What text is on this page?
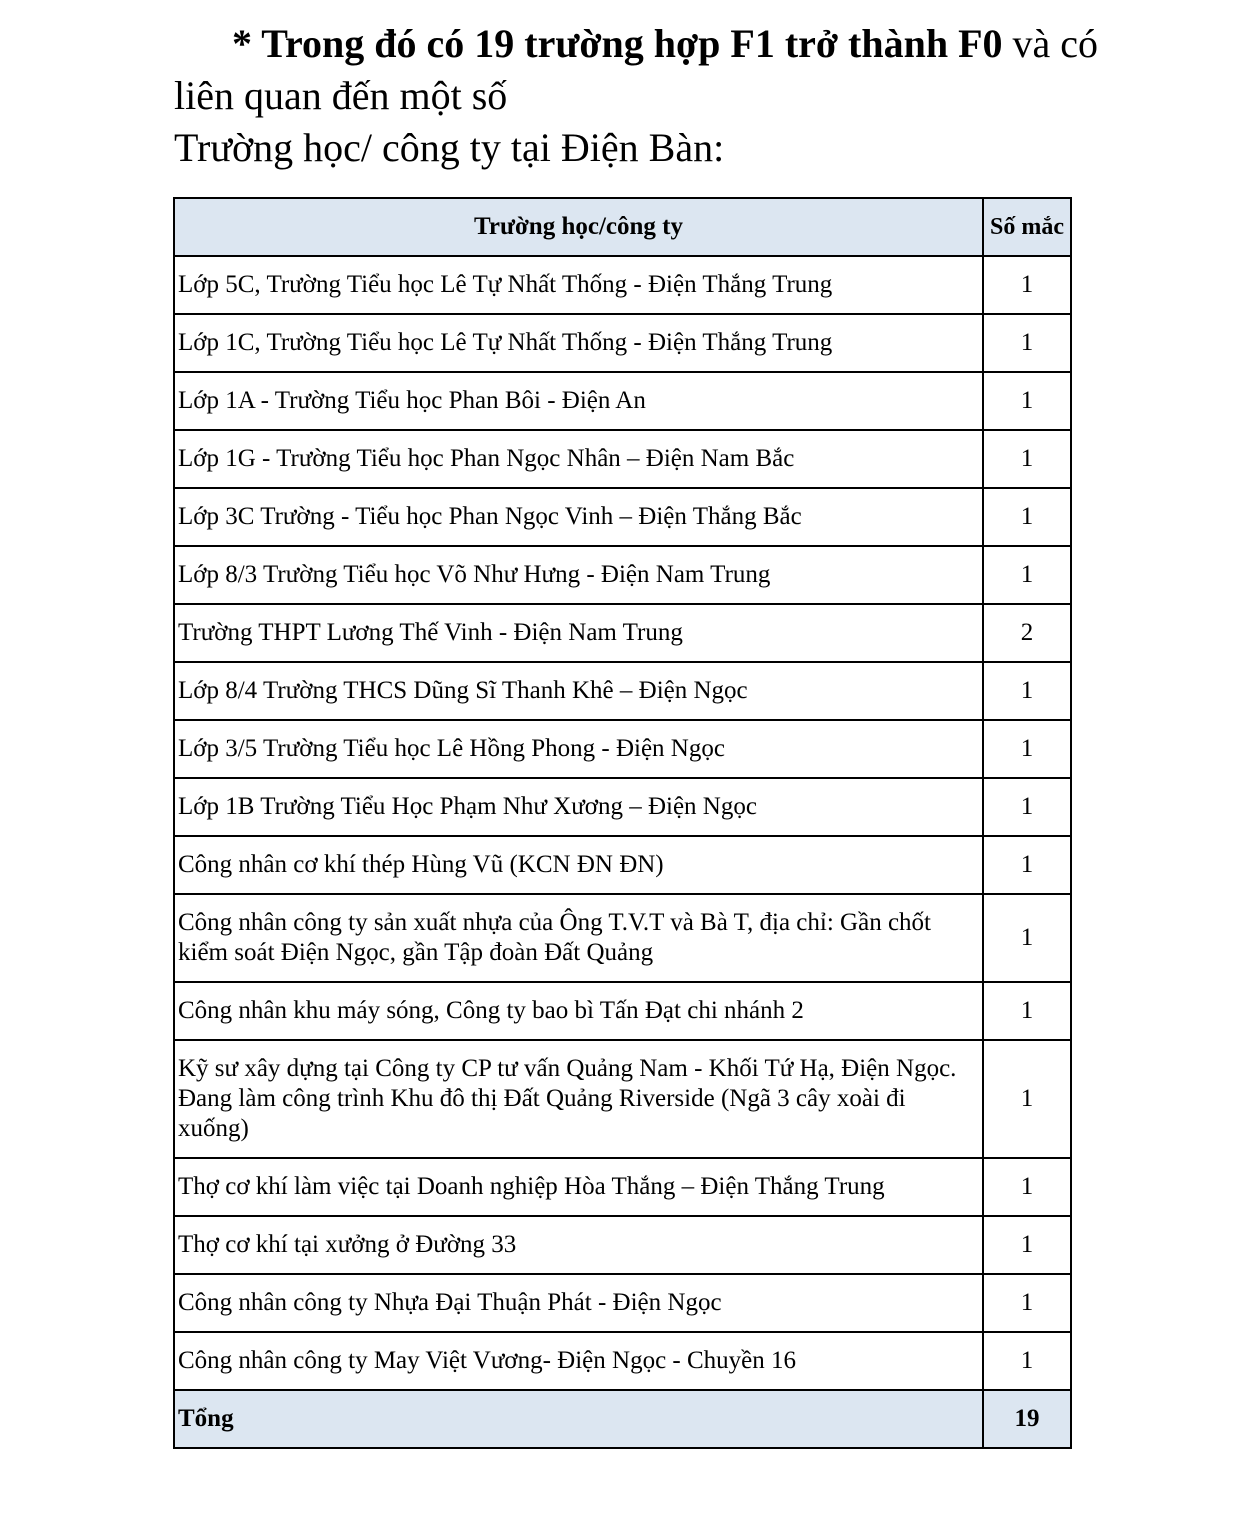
* Trong đó có 19 trường hợp F1 trở thành F0 và có
liên quan đến một số
Trường học/ công ty tại Điện Bàn:
Trường học/công ty	Số mắc
Lớp 5C, Trường Tiểu học Lê Tự Nhất Thống - Điện Thắng Trung	1
Lớp 1C, Trường Tiểu học Lê Tự Nhất Thống - Điện Thắng Trung	1
Lớp 1A - Trường Tiểu học Phan Bôi - Điện An	1
Lớp 1G - Trường Tiểu học Phan Ngọc Nhân – Điện Nam Bắc	1
Lớp 3C Trường - Tiểu học Phan Ngọc Vinh – Điện Thắng Bắc	1
Lớp 8/3 Trường Tiểu học Võ Như Hưng - Điện Nam Trung	1
Trường THPT Lương Thế Vinh - Điện Nam Trung	2
Lớp 8/4 Trường THCS Dũng Sĩ Thanh Khê – Điện Ngọc	1
Lớp 3/5 Trường Tiểu học Lê Hồng Phong - Điện Ngọc	1
Lớp 1B Trường Tiểu Học Phạm Như Xương – Điện Ngọc	1
Công nhân cơ khí thép Hùng Vũ (KCN ĐN ĐN)	1
Công nhân công ty sản xuất nhựa của Ông T.V.T và Bà T, địa chỉ: Gần chốt kiểm soát Điện Ngọc, gần Tập đoàn Đất Quảng	1
Công nhân khu máy sóng, Công ty bao bì Tấn Đạt chi nhánh 2	1
Kỹ sư xây dựng tại Công ty CP tư vấn Quảng Nam - Khối Tứ Hạ, Điện Ngọc. Đang làm công trình Khu đô thị Đất Quảng Riverside (Ngã 3 cây xoài đi xuống)	1
Thợ cơ khí làm việc tại Doanh nghiệp Hòa Thắng – Điện Thắng Trung	1
Thợ cơ khí tại xưởng ở Đường 33	1
Công nhân công ty Nhựa Đại Thuận Phát - Điện Ngọc	1
Công nhân công ty May Việt Vương- Điện Ngọc - Chuyền 16	1
Tổng	19
